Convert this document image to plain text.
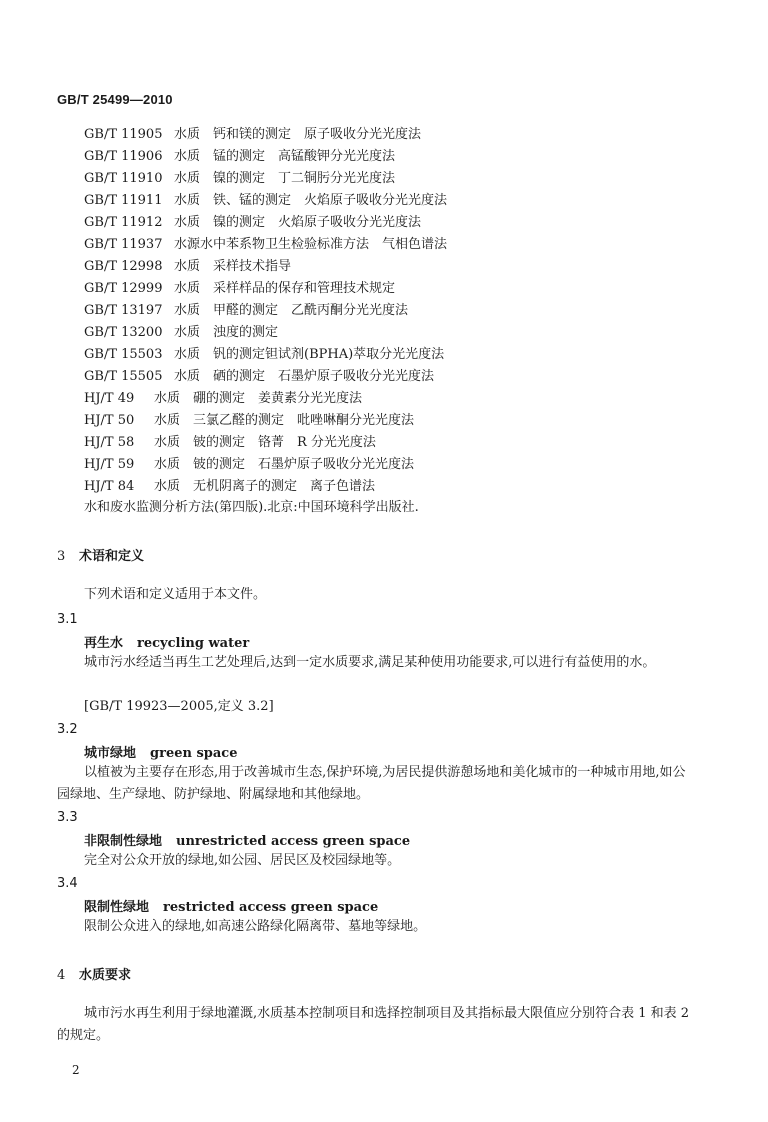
GB/T 25499—2010
GB/T 11905 水质　钙和镁的测定　原子吸收分光光度法
GB/T 11906 水质　锰的测定　高锰酸钾分光光度法
GB/T 11910 水质　镍的测定　丁二铜肟分光光度法
GB/T 11911 水质　铁、锰的测定　火焰原子吸收分光光度法
GB/T 11912 水质　镍的测定　火焰原子吸收分光光度法
GB/T 11937 水源水中苯系物卫生检验标准方法　气相色谱法
GB/T 12998 水质　采样技术指导
GB/T 12999 水质　采样样品的保存和管理技术规定
GB/T 13197 水质　甲醛的测定　乙酰丙酮分光光度法
GB/T 13200 水质　浊度的测定
GB/T 15503 水质　钒的测定钽试剂(BPHA)萃取分光光度法
GB/T 15505 水质　硒的测定　石墨炉原子吸收分光光度法
HJ/T 49 水质　硼的测定　姜黄素分光光度法
HJ/T 50 水质　三氯乙醛的测定　吡唑啉酮分光光度法
HJ/T 58 水质　铍的测定　铬菁　R 分光光度法
HJ/T 59 水质　铍的测定　石墨炉原子吸收分光光度法
HJ/T 84 水质　无机阴离子的测定　离子色谱法
水和废水监测分析方法(第四版).北京:中国环境科学出版社.
3 术语和定义
下列术语和定义适用于本文件。
3.1
再生水 recycling water
城市污水经适当再生工艺处理后,达到一定水质要求,满足某种使用功能要求,可以进行有益使用的水。
[GB/T 19923—2005,定义 3.2]
3.2
城市绿地 green space
以植被为主要存在形态,用于改善城市生态,保护环境,为居民提供游憩场地和美化城市的一种城市用地,如公园绿地、生产绿地、防护绿地、附属绿地和其他绿地。
3.3
非限制性绿地 unrestricted access green space
完全对公众开放的绿地,如公园、居民区及校园绿地等。
3.4
限制性绿地 restricted access green space
限制公众进入的绿地,如高速公路绿化隔离带、墓地等绿地。
4 水质要求
城市污水再生利用于绿地灌溉,水质基本控制项目和选择控制项目及其指标最大限值应分别符合表 1 和表 2 的规定。
2
